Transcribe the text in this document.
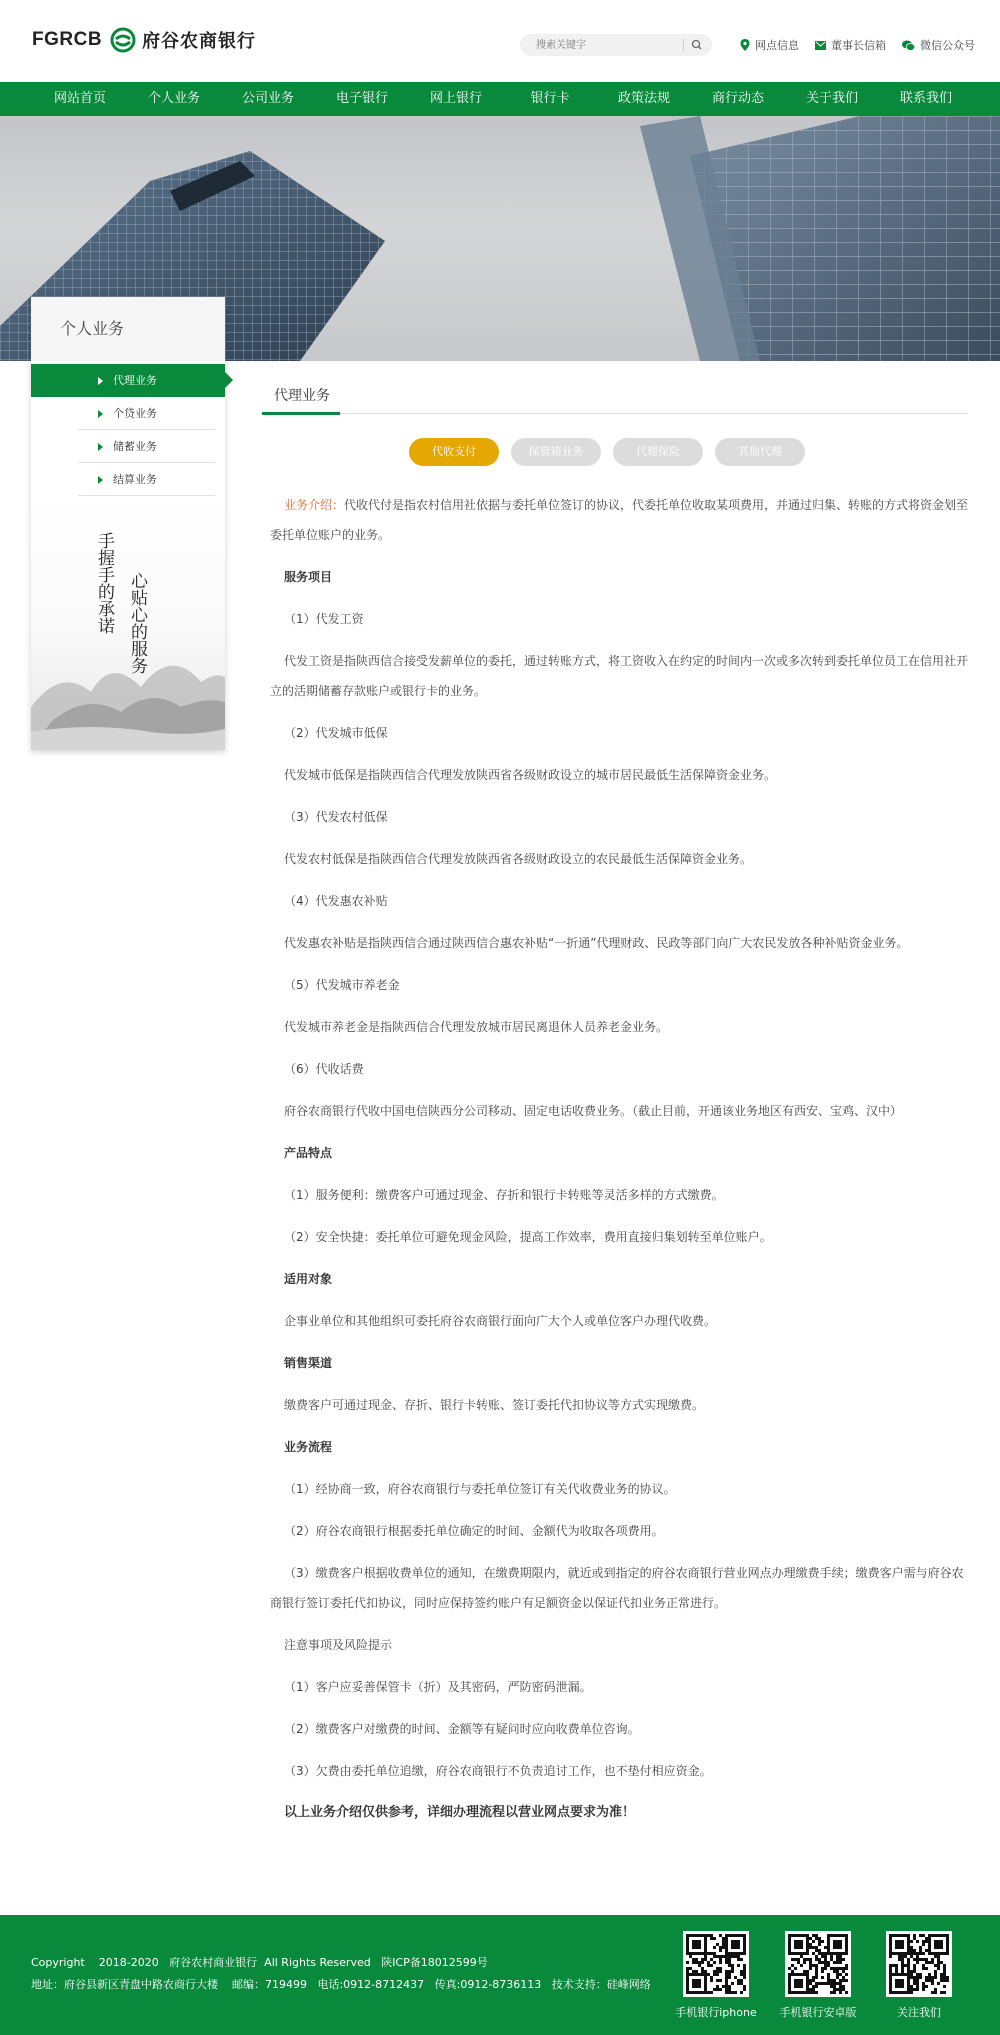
FGRCB 府谷农商银行
搜索关键字	网点信息	董事长信箱	微信公众号
网站首页	个人业务	公司业务	电子银行	网上银行	银行卡	政策法规	商行动态	关于我们	联系我们
个人业务
代理业务
个贷业务
储蓄业务
结算业务
手握手的承诺 心贴心的服务
代理业务
代收支付	保管箱业务	代理保险	其他代理

业务介绍：代收代付是指农村信用社依据与委托单位签订的协议，代委托单位收取某项费用，并通过归集、转账的方式将资金划至委托单位账户的业务。

服务项目

（1）代发工资

代发工资是指陕西信合接受发薪单位的委托，通过转账方式，将工资收入在约定的时间内一次或多次转到委托单位员工在信用社开立的活期储蓄存款账户或银行卡的业务。

（2）代发城市低保

代发城市低保是指陕西信合代理发放陕西省各级财政设立的城市居民最低生活保障资金业务。

（3）代发农村低保

代发农村低保是指陕西信合代理发放陕西省各级财政设立的农民最低生活保障资金业务。

（4）代发惠农补贴

代发惠农补贴是指陕西信合通过陕西信合惠农补贴“一折通”代理财政、民政等部门向广大农民发放各种补贴资金业务。

（5）代发城市养老金

代发城市养老金是指陕西信合代理发放城市居民离退休人员养老金业务。

（6）代收话费

府谷农商银行代收中国电信陕西分公司移动、固定电话收费业务。（截止目前，开通该业务地区有西安、宝鸡、汉中）

产品特点

（1）服务便利：缴费客户可通过现金、存折和银行卡转账等灵活多样的方式缴费。

（2）安全快捷：委托单位可避免现金风险，提高工作效率，费用直接归集划转至单位账户。

适用对象

企事业单位和其他组织可委托府谷农商银行面向广大个人或单位客户办理代收费。

销售渠道

缴费客户可通过现金、存折、银行卡转账、签订委托代扣协议等方式实现缴费。

业务流程

（1）经协商一致，府谷农商银行与委托单位签订有关代收费业务的协议。

（2）府谷农商银行根据委托单位确定的时间、金额代为收取各项费用。

（3）缴费客户根据收费单位的通知，在缴费期限内，就近或到指定的府谷农商银行营业网点办理缴费手续；缴费客户需与府谷农商银行签订委托代扣协议，同时应保持签约账户有足额资金以保证代扣业务正常进行。

注意事项及风险提示

（1）客户应妥善保管卡（折）及其密码，严防密码泄漏。

（2）缴费客户对缴费的时间、金额等有疑问时应向收费单位咨询。

（3）欠费由委托单位追缴，府谷农商银行不负责追讨工作，也不垫付相应资金。

以上业务介绍仅供参考，详细办理流程以营业网点要求为准！

Copyright    2018-2020   府谷农村商业银行  All Rights Reserved   陕ICP备18012599号
地址：府谷县新区青盘中路农商行大楼    邮编：719499   电话:0912-8712437   传真:0912-8736113   技术支持：硅峰网络
手机银行iphone	手机银行安卓版	关注我们
